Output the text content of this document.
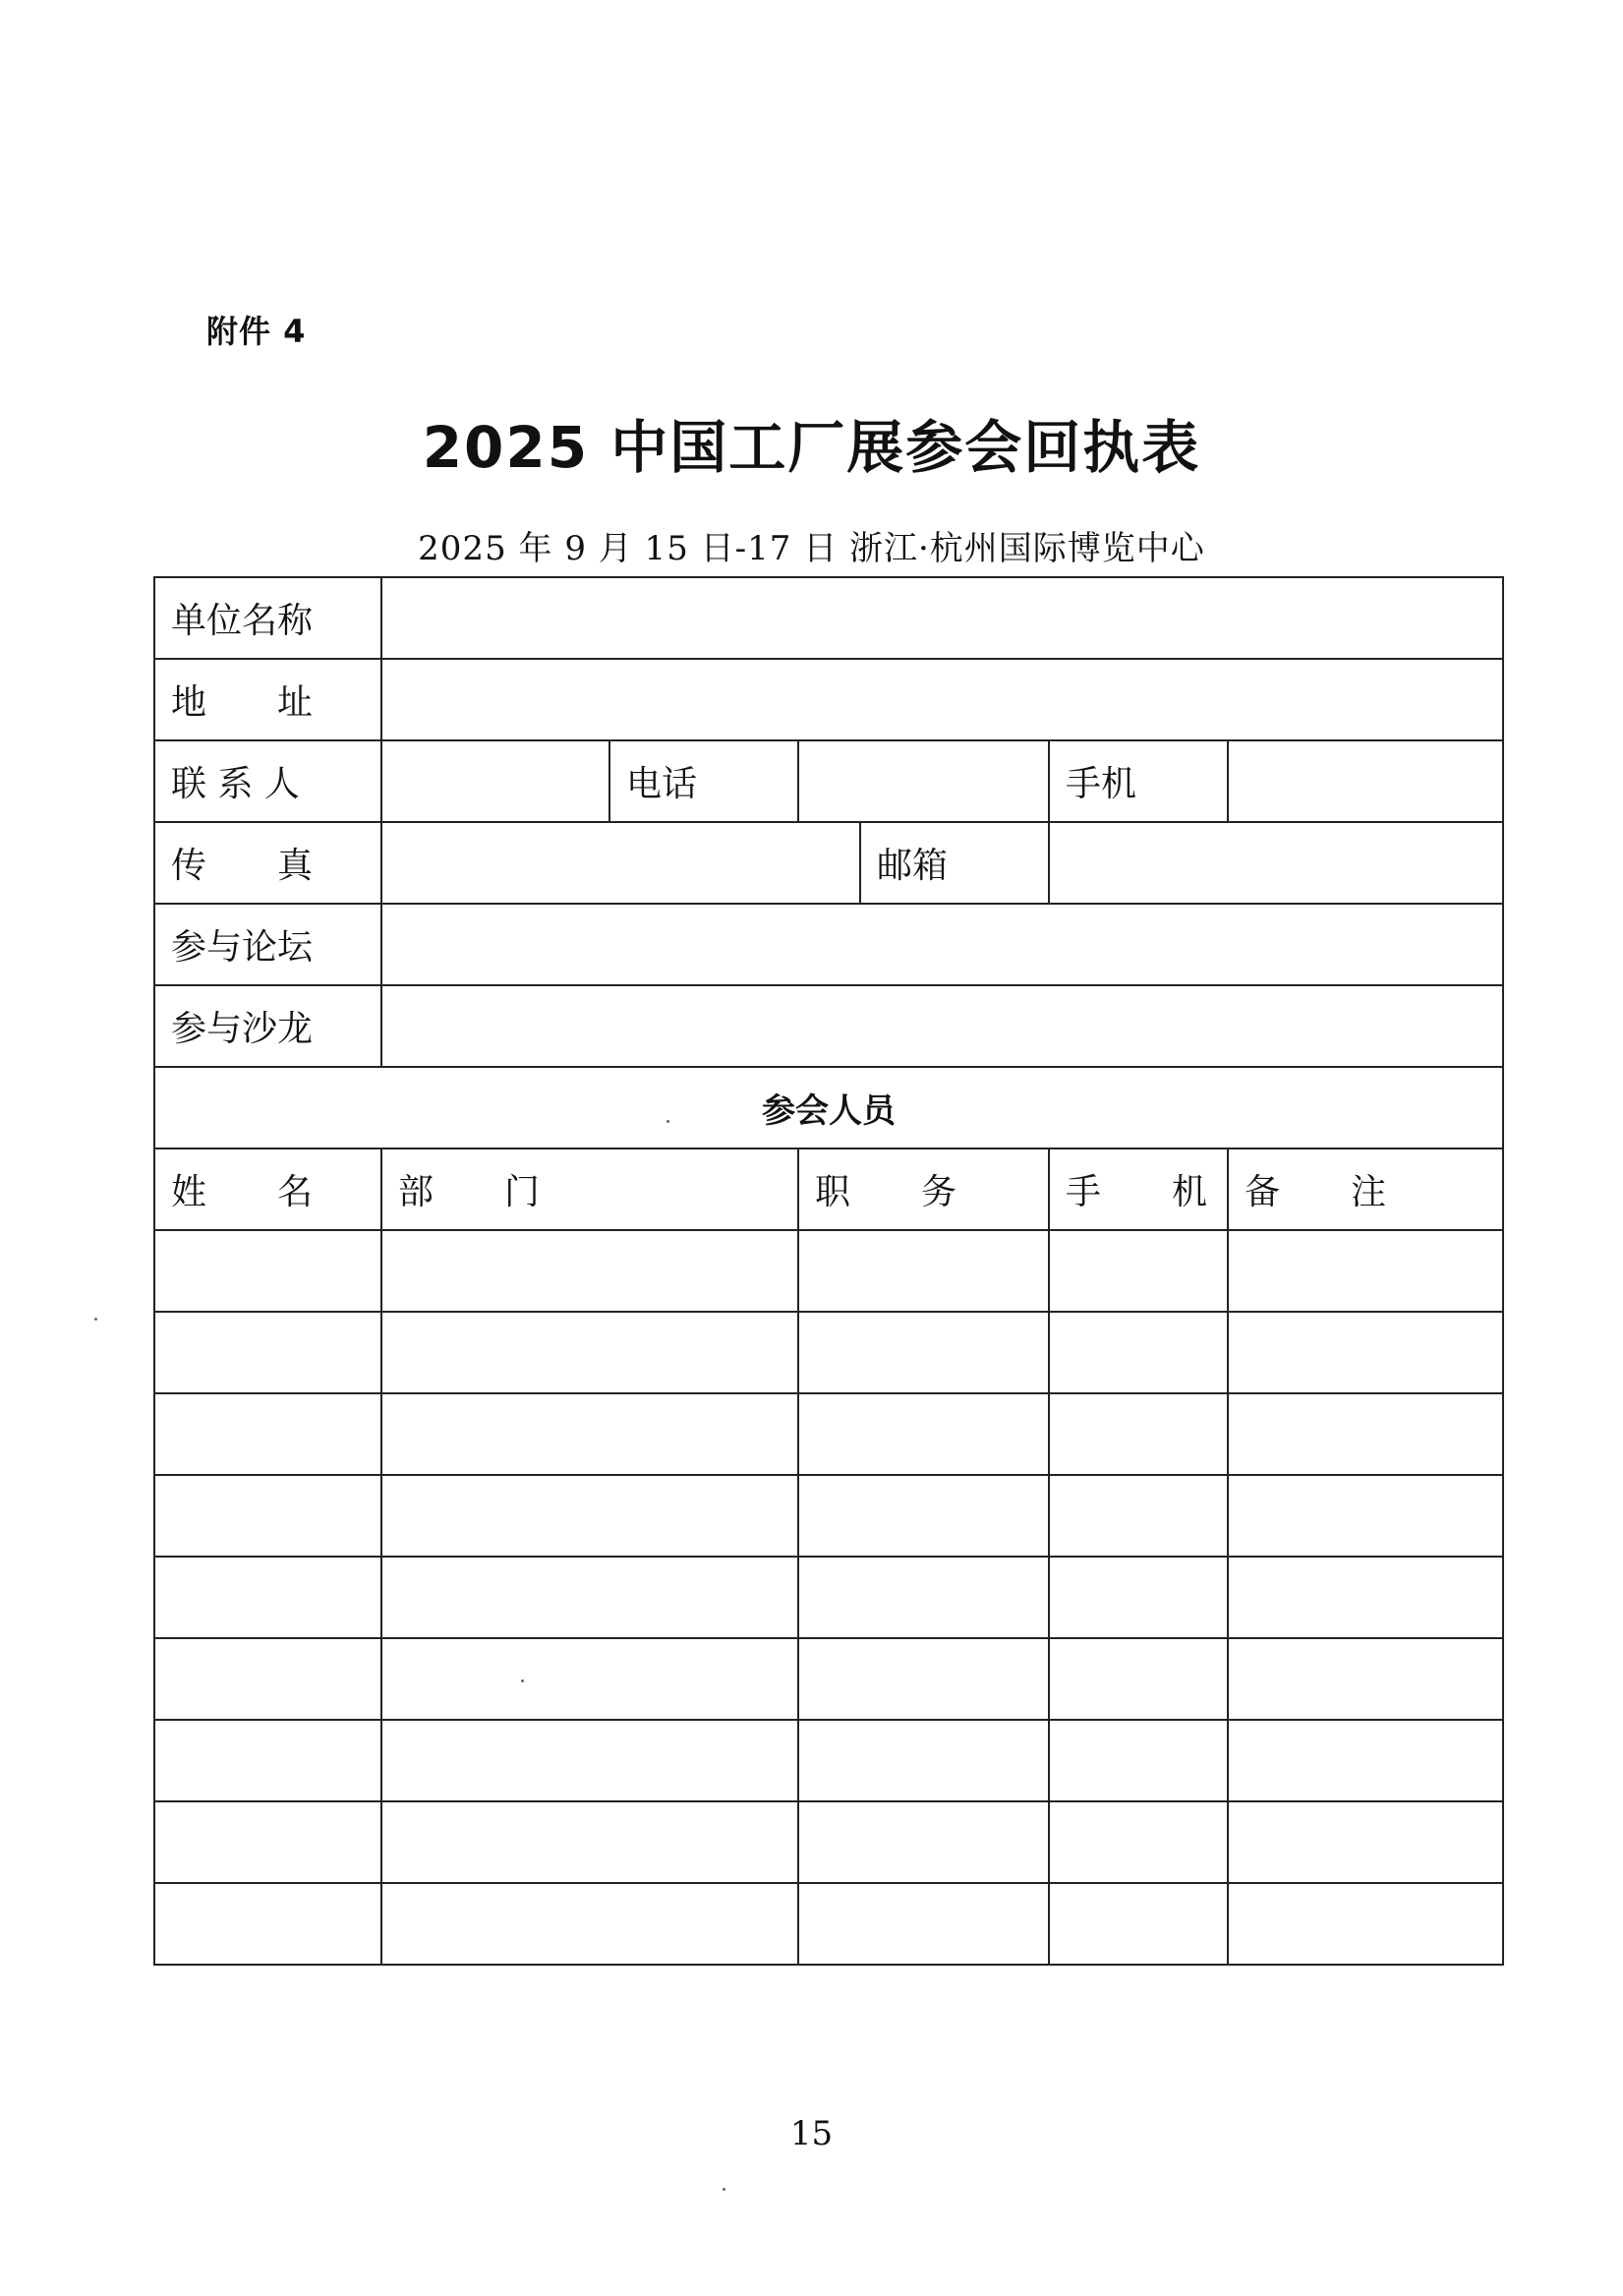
附件 4
2025 中国工厂展参会回执表
2025 年 9 月 15 日-17 日 浙江·杭州国际博览中心
单位名称						
地　　址						
联 系 人		电话			手机	
传　　真				邮箱		
参与论坛						
参与沙龙						
参会人员						
姓　　名	部　　门		职　　务		手　　机	备　　注

15
